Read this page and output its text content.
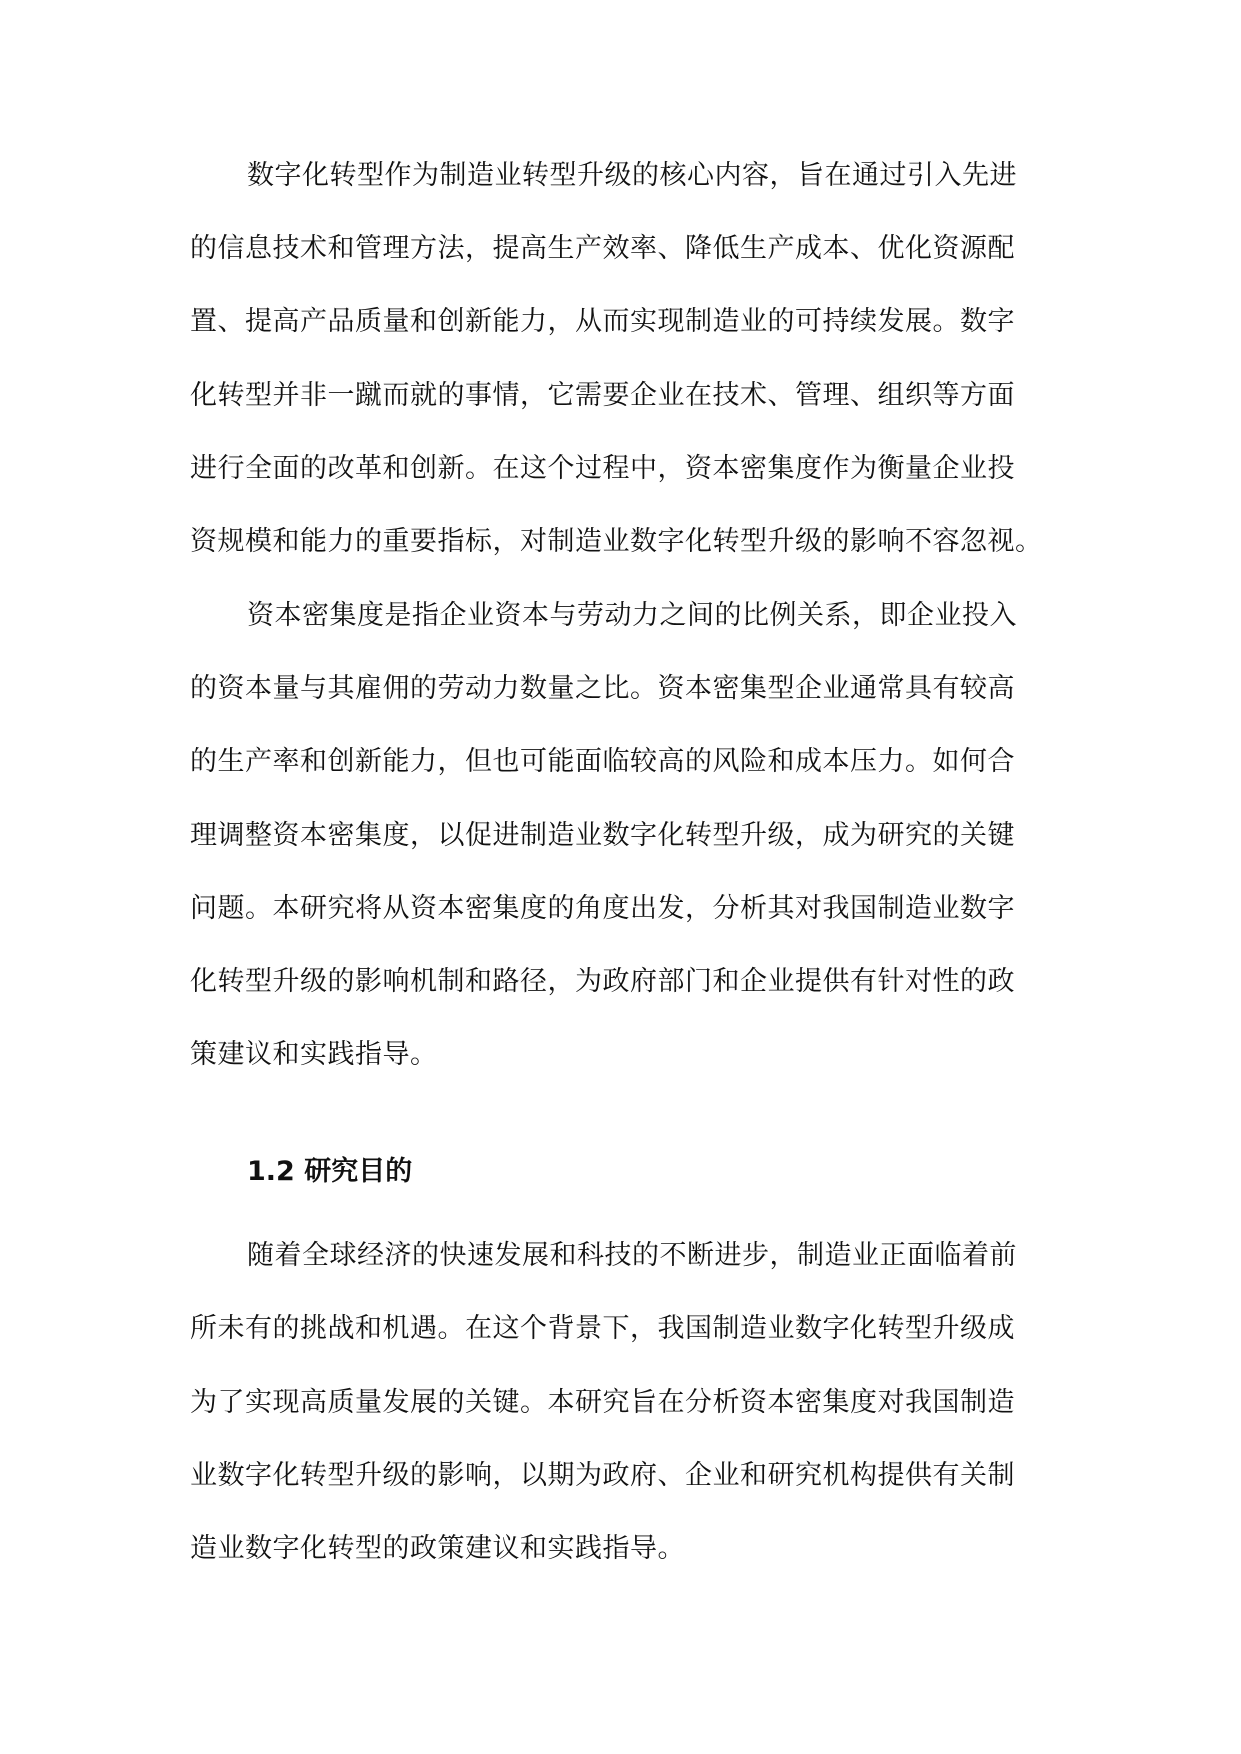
数字化转型作为制造业转型升级的核心内容，旨在通过引入先进
的信息技术和管理方法，提高生产效率、降低生产成本、优化资源配
置、提高产品质量和创新能力，从而实现制造业的可持续发展。数字
化转型并非一蹴而就的事情，它需要企业在技术、管理、组织等方面
进行全面的改革和创新。在这个过程中，资本密集度作为衡量企业投
资规模和能力的重要指标，对制造业数字化转型升级的影响不容忽视。
资本密集度是指企业资本与劳动力之间的比例关系，即企业投入
的资本量与其雇佣的劳动力数量之比。资本密集型企业通常具有较高
的生产率和创新能力，但也可能面临较高的风险和成本压力。如何合
理调整资本密集度，以促进制造业数字化转型升级，成为研究的关键
问题。本研究将从资本密集度的角度出发，分析其对我国制造业数字
化转型升级的影响机制和路径，为政府部门和企业提供有针对性的政
策建议和实践指导。
1.2 研究目的
随着全球经济的快速发展和科技的不断进步，制造业正面临着前
所未有的挑战和机遇。在这个背景下，我国制造业数字化转型升级成
为了实现高质量发展的关键。本研究旨在分析资本密集度对我国制造
业数字化转型升级的影响，以期为政府、企业和研究机构提供有关制
造业数字化转型的政策建议和实践指导。
